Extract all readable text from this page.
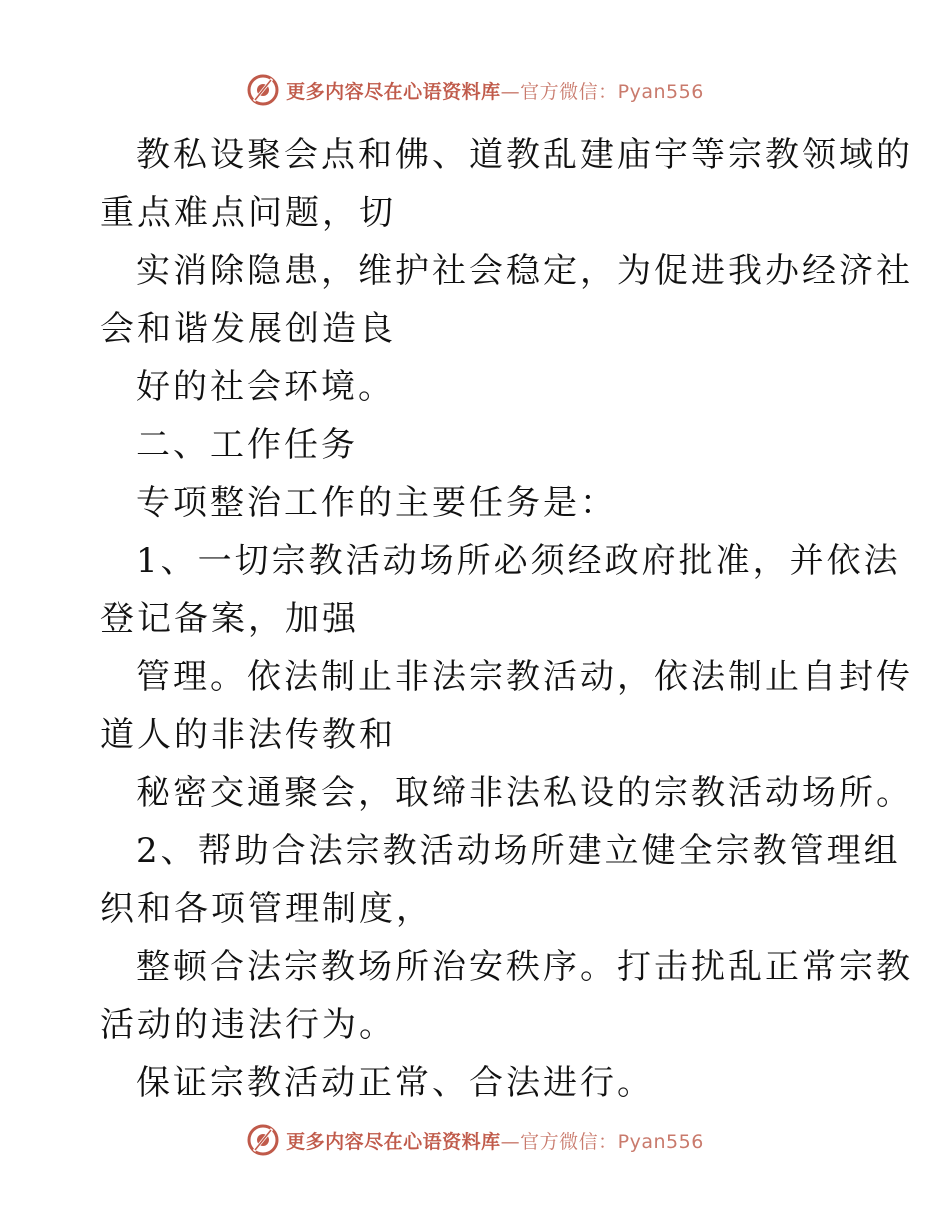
更多内容尽在心语资料库—官方微信：Pyan556
教私设聚会点和佛、道教乱建庙宇等宗教领域的
重点难点问题，切
实消除隐患，维护社会稳定，为促进我办经济社
会和谐发展创造良
好的社会环境。
二、工作任务
专项整治工作的主要任务是：
1、一切宗教活动场所必须经政府批准，并依法
登记备案，加强
管理。依法制止非法宗教活动，依法制止自封传
道人的非法传教和
秘密交通聚会，取缔非法私设的宗教活动场所。
2、帮助合法宗教活动场所建立健全宗教管理组
织和各项管理制度，
整顿合法宗教场所治安秩序。打击扰乱正常宗教
活动的违法行为。
保证宗教活动正常、合法进行。
更多内容尽在心语资料库—官方微信：Pyan556
